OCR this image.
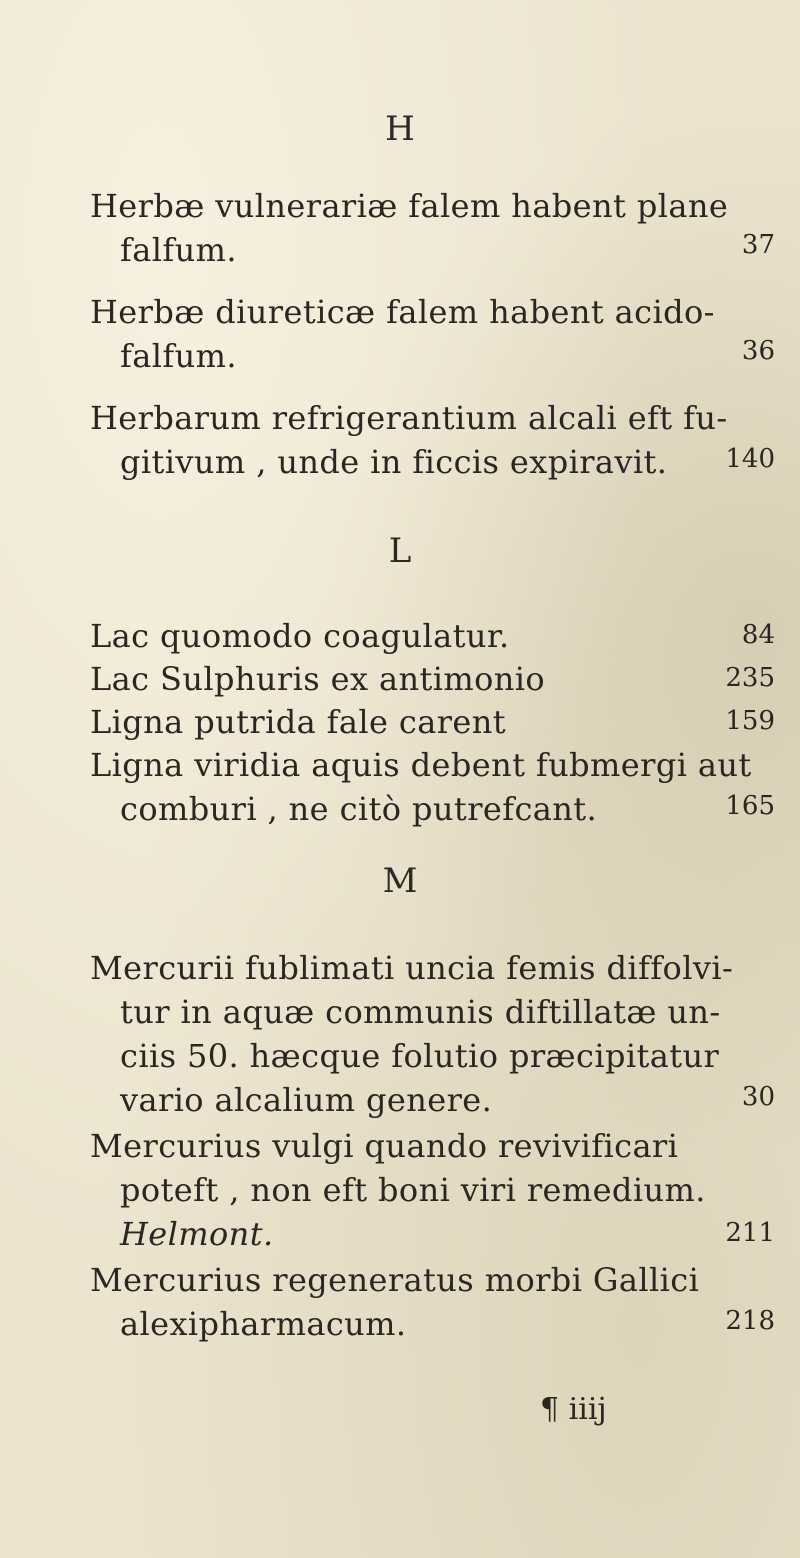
H
Herbæ vulnerariæ falem habent plane
falfum.	37
Herbæ diureticæ falem habent acido-
falfum.	36
Herbarum refrigerantium alcali eft fu-
gitivum , unde in ficcis expiravit. 140
L
Lac quomodo coagulatur.	84
Lac Sulphuris ex antimonio	235
Ligna putrida fale carent	159
Ligna viridia aquis debent fubmergi aut
comburi , ne citò putrefcant.	165
M
Mercurii fublimati uncia femis diffolvi-
tur in aquæ communis diftillatæ un-
ciis 50. hæcque folutio præcipitatur
vario alcalium genere.	30
Mercurius vulgi quando revivificari
poteft , non eft boni viri remedium.
Helmont.	211
Mercurius regeneratus morbi Gallici
alexipharmacum.	218
¶ iiij
